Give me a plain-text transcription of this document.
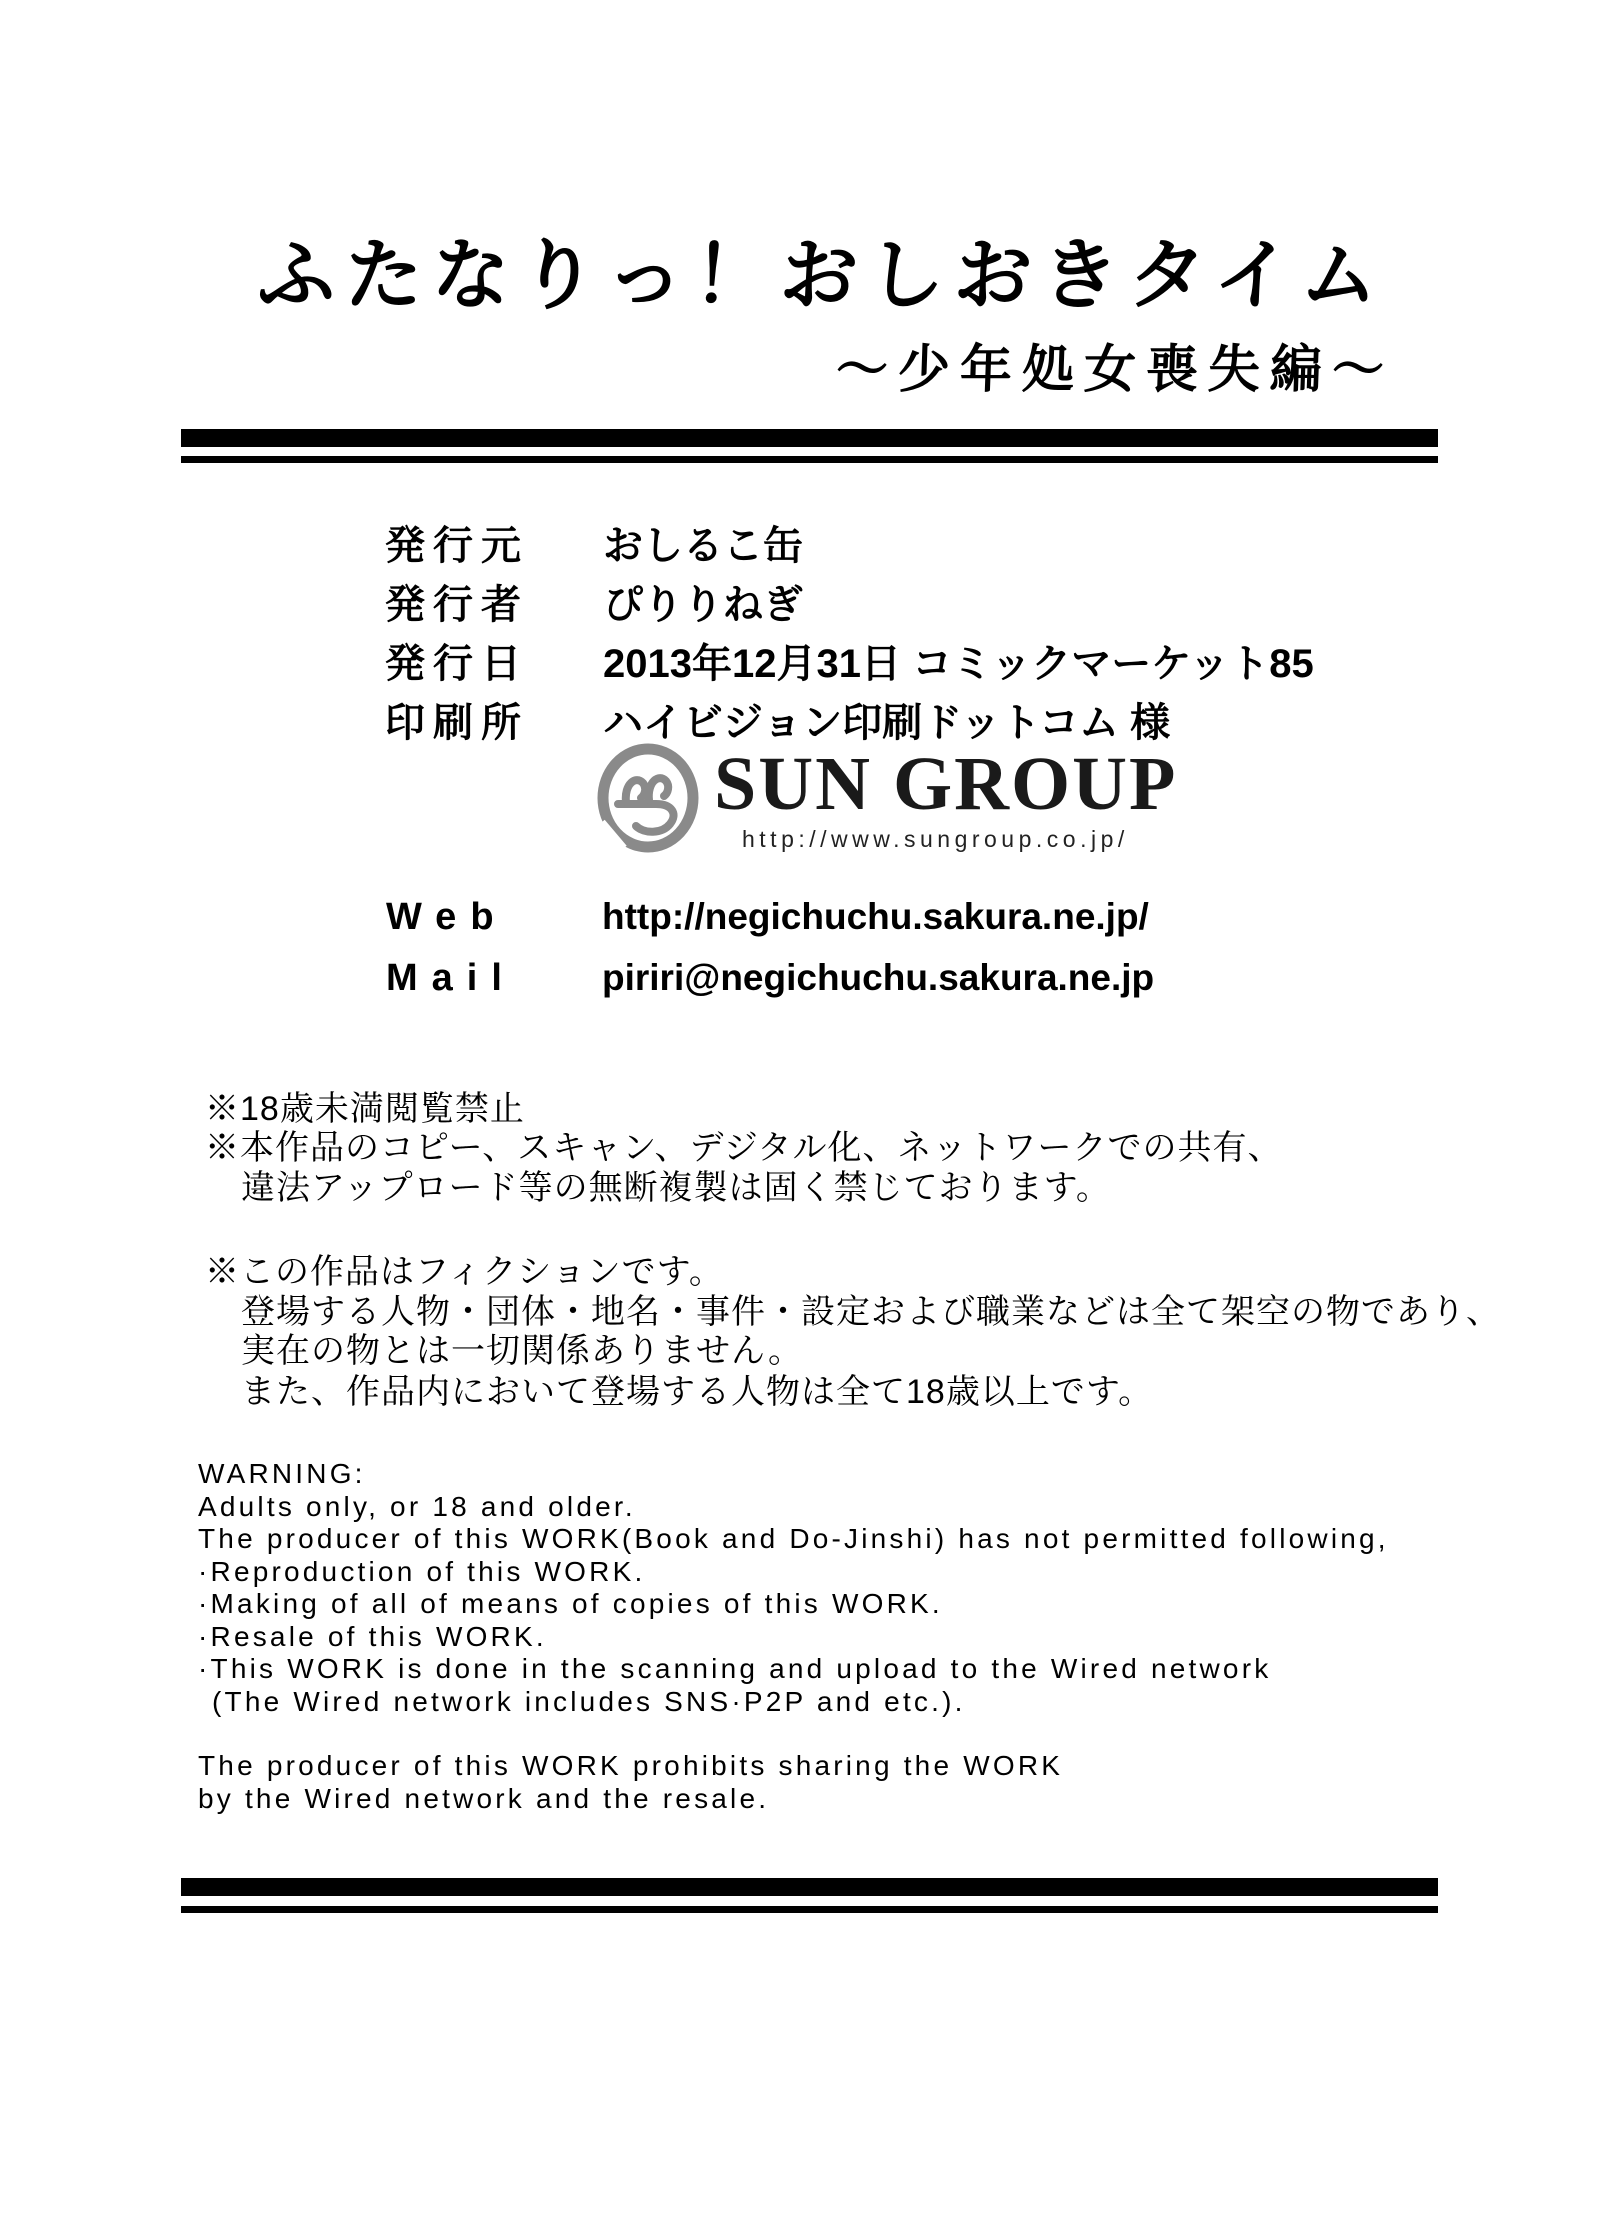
ふたなりっ！おしおきタイム
〜少年処女喪失編〜
発行元	おしるこ缶
発行者	ぴりりねぎ
発行日	2013年12月31日 コミックマーケット85
印刷所	ハイビジョン印刷ドットコム 様
SUN GROUP
http://www.sungroup.co.jp/
Web	http://negichuchu.sakura.ne.jp/
Mail	piriri@negichuchu.sakura.ne.jp
※18歳未満閲覧禁止
※本作品のコピー、スキャン、デジタル化、ネットワークでの共有、
違法アップロード等の無断複製は固く禁じております。
※この作品はフィクションです。
登場する人物・団体・地名・事件・設定および職業などは全て架空の物であり、
実在の物とは一切関係ありません。
また、作品内において登場する人物は全て18歳以上です。
WARNING:
Adults only, or 18 and older.
The producer of this WORK(Book and Do-Jinshi) has not permitted following,
·Reproduction of this WORK.
·Making of all of means of copies of this WORK.
·Resale of this WORK.
·This WORK is done in the scanning and upload to the Wired network
(The Wired network includes SNS·P2P and etc.).
The producer of this WORK prohibits sharing the WORK
by the Wired network and the resale.
